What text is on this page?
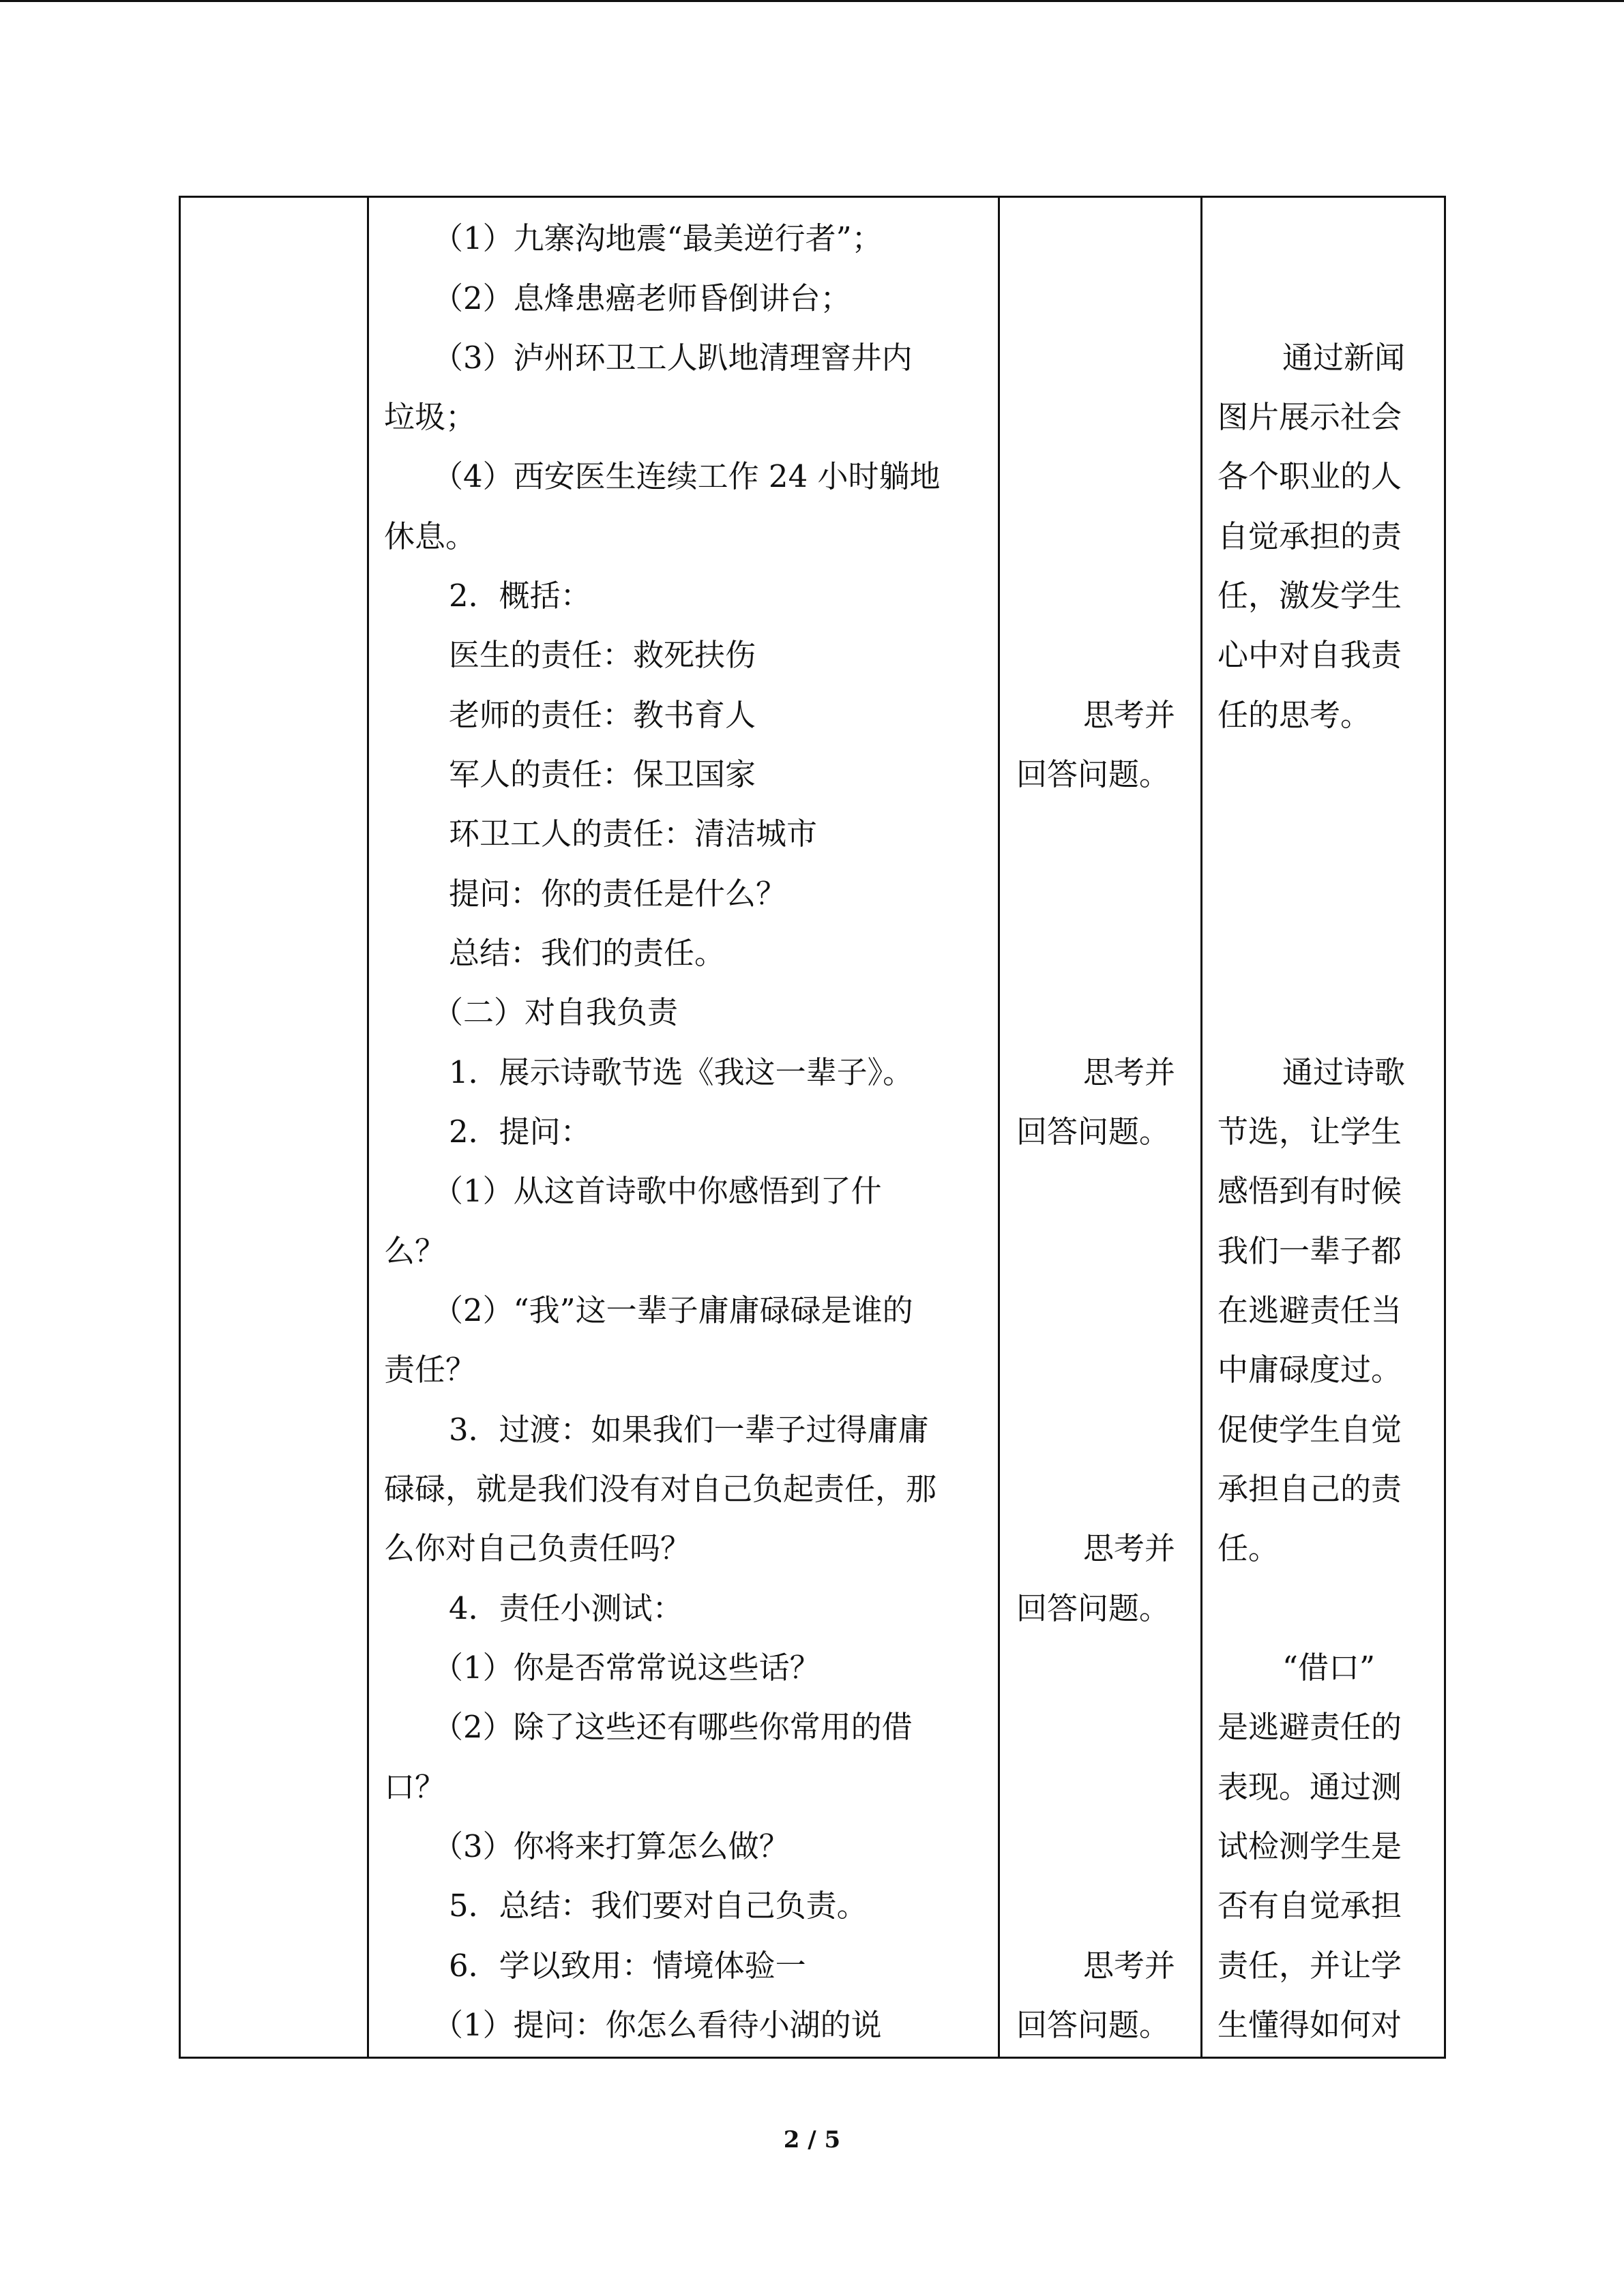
（1）九寨沟地震“最美逆行者”；
（2）息烽患癌老师昏倒讲台；
（3）泸州环卫工人趴地清理窨井内
垃圾；
（4）西安医生连续工作 24 小时躺地
休息。
2．概括：
医生的责任：救死扶伤
老师的责任：教书育人
军人的责任：保卫国家
环卫工人的责任：清洁城市
提问：你的责任是什么？
总结：我们的责任。
（二）对自我负责
1．展示诗歌节选《我这一辈子》。
2．提问：
（1）从这首诗歌中你感悟到了什
么？
（2）“我”这一辈子庸庸碌碌是谁的
责任？
3．过渡：如果我们一辈子过得庸庸
碌碌，就是我们没有对自己负起责任，那
么你对自己负责任吗？
4．责任小测试：
（1）你是否常常说这些话？
（2）除了这些还有哪些你常用的借
口？
（3）你将来打算怎么做？
5．总结：我们要对自己负责。
6．学以致用：情境体验一
（1）提问：你怎么看待小湖的说
思考并
回答问题。
思考并
回答问题。
思考并
回答问题。
思考并
回答问题。
通过新闻
图片展示社会
各个职业的人
自觉承担的责
任，激发学生
心中对自我责
任的思考。
通过诗歌
节选，让学生
感悟到有时候
我们一辈子都
在逃避责任当
中庸碌度过。
促使学生自觉
承担自己的责
任。
“借口”
是逃避责任的
表现。通过测
试检测学生是
否有自觉承担
责任，并让学
生懂得如何对
2 / 5
